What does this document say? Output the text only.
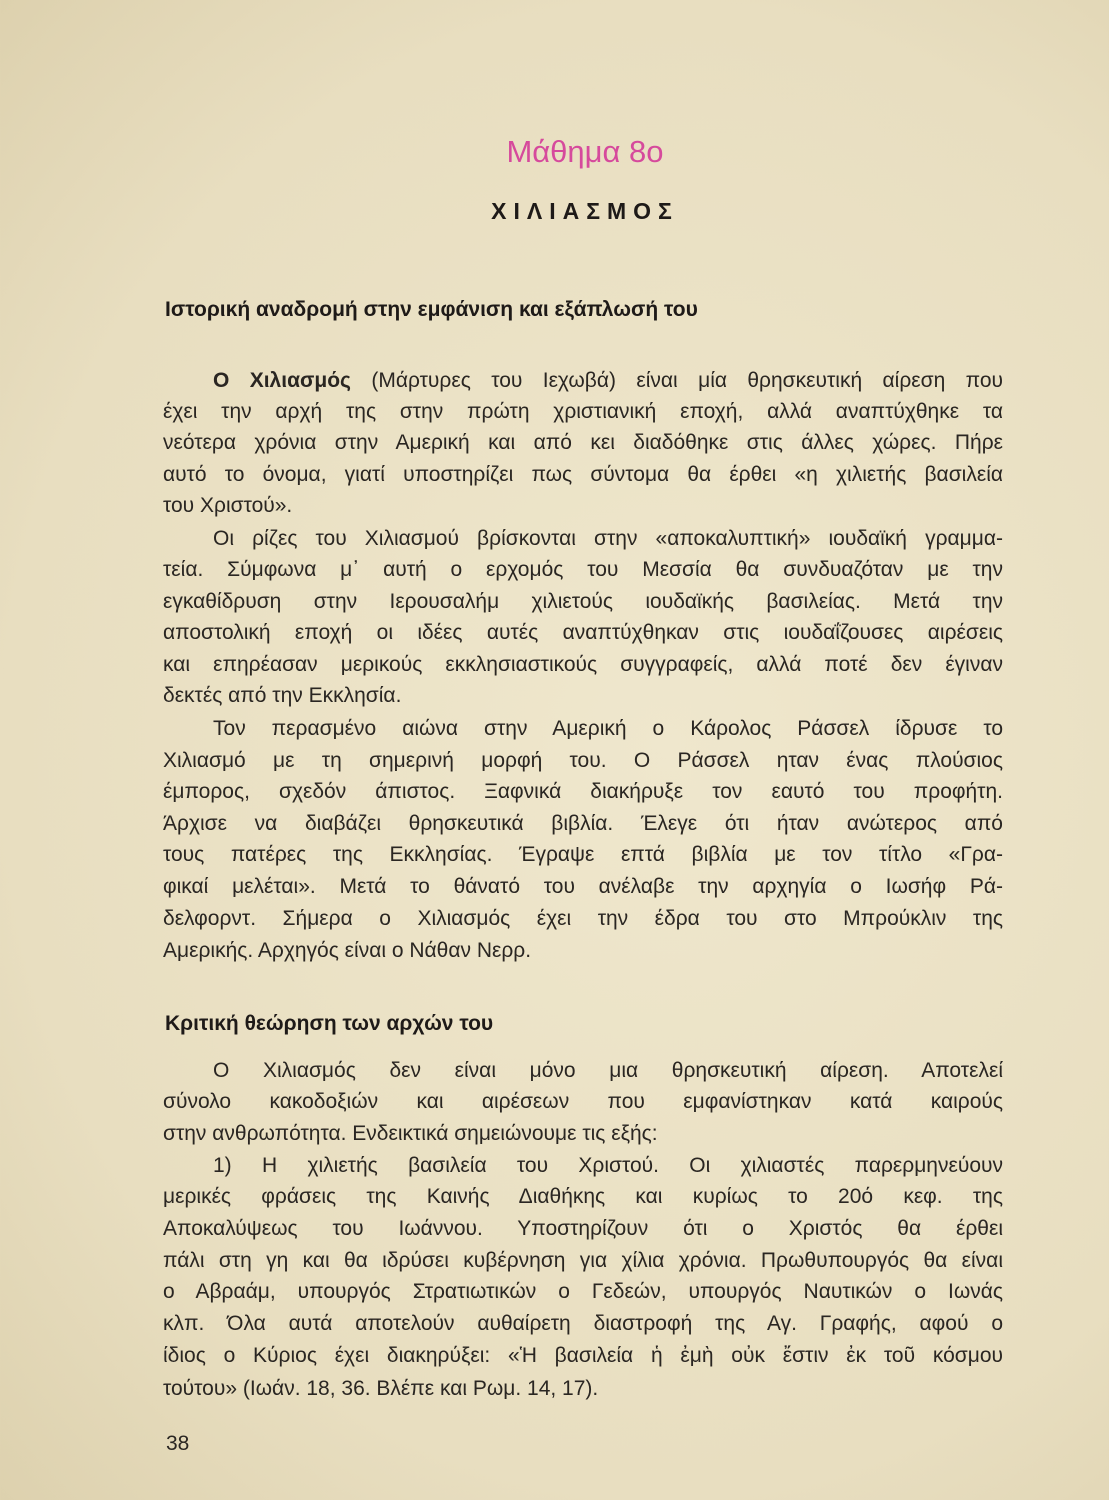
Μάθημα 8ο
ΧΙΛΙΑΣΜΟΣ
Ιστορική αναδρομή στην εμφάνιση και εξάπλωσή του
Ο Χιλιασμός (Μάρτυρες του Ιεχωβά) είναι μία θρησκευτική αίρεση που
έχει την αρχή της στην πρώτη χριστιανική εποχή, αλλά αναπτύχθηκε τα
νεότερα χρόνια στην Αμερική και από κει διαδόθηκε στις άλλες χώρες. Πήρε
αυτό το όνομα, γιατί υποστηρίζει πως σύντομα θα έρθει «η χιλιετής βασιλεία
του Χριστού».
Οι ρίζες του Χιλιασμού βρίσκονται στην «αποκαλυπτική» ιουδαϊκή γραμμα-
τεία. Σύμφωνα μ᾽ αυτή ο ερχομός του Μεσσία θα συνδυαζόταν με την
εγκαθίδρυση στην Ιερουσαλήμ χιλιετούς ιουδαϊκής βασιλείας. Μετά την
αποστολική εποχή οι ιδέες αυτές αναπτύχθηκαν στις ιουδαΐζουσες αιρέσεις
και επηρέασαν μερικούς εκκλησιαστικούς συγγραφείς, αλλά ποτέ δεν έγιναν
δεκτές από την Εκκλησία.
Τον περασμένο αιώνα στην Αμερική ο Κάρολος Ράσσελ ίδρυσε το
Χιλιασμό με τη σημερινή μορφή του. Ο Ράσσελ ηταν ένας πλούσιος
έμπορος, σχεδόν άπιστος. Ξαφνικά διακήρυξε τον εαυτό του προφήτη.
Άρχισε να διαβάζει θρησκευτικά βιβλία. Έλεγε ότι ήταν ανώτερος από
τους πατέρες της Εκκλησίας. Έγραψε επτά βιβλία με τον τίτλο «Γρα-
φικαί μελέται». Μετά το θάνατό του ανέλαβε την αρχηγία ο Ιωσήφ Ρά-
δελφορντ. Σήμερα ο Χιλιασμός έχει την έδρα του στο Μπρούκλιν της
Αμερικής. Αρχηγός είναι ο Νάθαν Νερρ.
Κριτική θεώρηση των αρχών του
Ο Χιλιασμός δεν είναι μόνο μια θρησκευτική αίρεση. Αποτελεί
σύνολο κακοδοξιών και αιρέσεων που εμφανίστηκαν κατά καιρούς
στην ανθρωπότητα. Ενδεικτικά σημειώνουμε τις εξής:
1) Η χιλιετής βασιλεία του Χριστού. Οι χιλιαστές παρερμηνεύουν
μερικές φράσεις της Καινής Διαθήκης και κυρίως το 20ό κεφ. της
Αποκαλύψεως του Ιωάννου. Υποστηρίζουν ότι ο Χριστός θα έρθει
πάλι στη γη και θα ιδρύσει κυβέρνηση για χίλια χρόνια. Πρωθυπουργός θα είναι
ο Αβραάμ, υπουργός Στρατιωτικών ο Γεδεών, υπουργός Ναυτικών ο Ιωνάς
κλπ. Όλα αυτά αποτελούν αυθαίρετη διαστροφή της Αγ. Γραφής, αφού ο
ίδιος ο Κύριος έχει διακηρύξει: «Ἡ βασιλεία ἡ ἐμὴ οὐκ ἔστιν ἐκ τοῦ κόσμου
τούτου» (Ιωάν. 18, 36. Βλέπε και Ρωμ. 14, 17).
38
